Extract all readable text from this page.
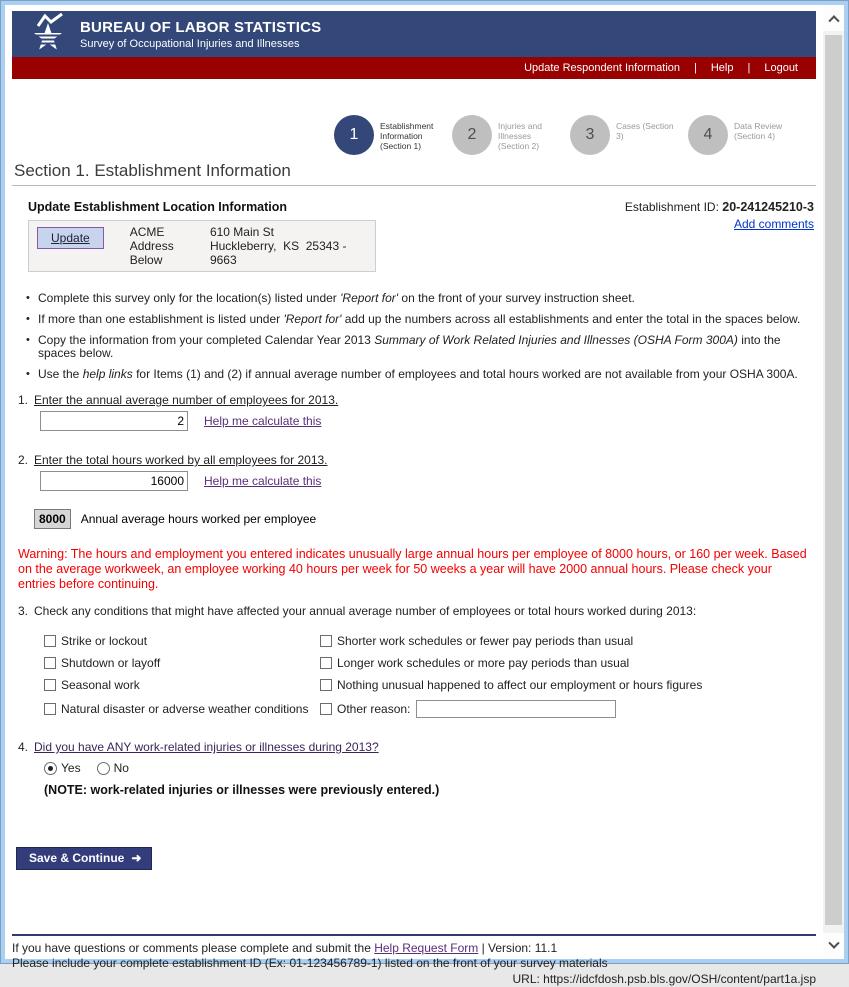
BUREAU OF LABOR STATISTICS
Survey of Occupational Injuries and Illnesses
Update Respondent Information | Help | Logout
1	Establishment Information (Section 1)
2	Injuries and Illnesses (Section 2)
3	Cases (Section 3)	4	Data Review (Section 4)
Section 1. Establishment Information
Establishment ID: 20-241245210-3
Add comments
Update Establishment Location Information
Update	ACME Address Below
610 Main St
Huckleberry,  KS  25343 - 9663
• Complete this survey only for the location(s) listed under 'Report for' on the front of your survey instruction sheet.
• If more than one establishment is listed under 'Report for' add up the numbers across all establishments and enter the total in the spaces below.
• Copy the information from your completed Calendar Year 2013 Summary of Work Related Injuries and Illnesses (OSHA Form 300A) into the spaces below.
• Use the help links for Items (1) and (2) if annual average number of employees and total hours worked are not available from your OSHA 300A.
1. Enter the annual average number of employees for 2013.
2
Help me calculate this
2. Enter the total hours worked by all employees for 2013.
16000
Help me calculate this
8000	Annual average hours worked per employee
Warning: The hours and employment you entered indicates unusually large annual hours per employee of 8000 hours, or 160 per week. Based on the average workweek, an employee working 40 hours per week for 50 weeks a year will have 2000 annual hours. Please check your entries before continuing.
3. Check any conditions that might have affected your annual average number of employees or total hours worked during 2013:
Strike or lockout	Shorter work schedules or fewer pay periods than usual
Shutdown or layoff	Longer work schedules or more pay periods than usual
Seasonal work	Nothing unusual happened to affect our employment or hours figures
Natural disaster or adverse weather conditions Other reason:
4. Did you have ANY work-related injuries or illnesses during 2013?
Yes	No
(NOTE: work-related injuries or illnesses were previously entered.)
Save & Continue ➜
If you have questions or comments please complete and submit the Help Request Form | Version: 11.1
Please include your complete establishment ID (Ex: 01-123456789-1) listed on the front of your survey materials
URL: https://idcfdosh.psb.bls.gov/OSH/content/part1a.jsp
